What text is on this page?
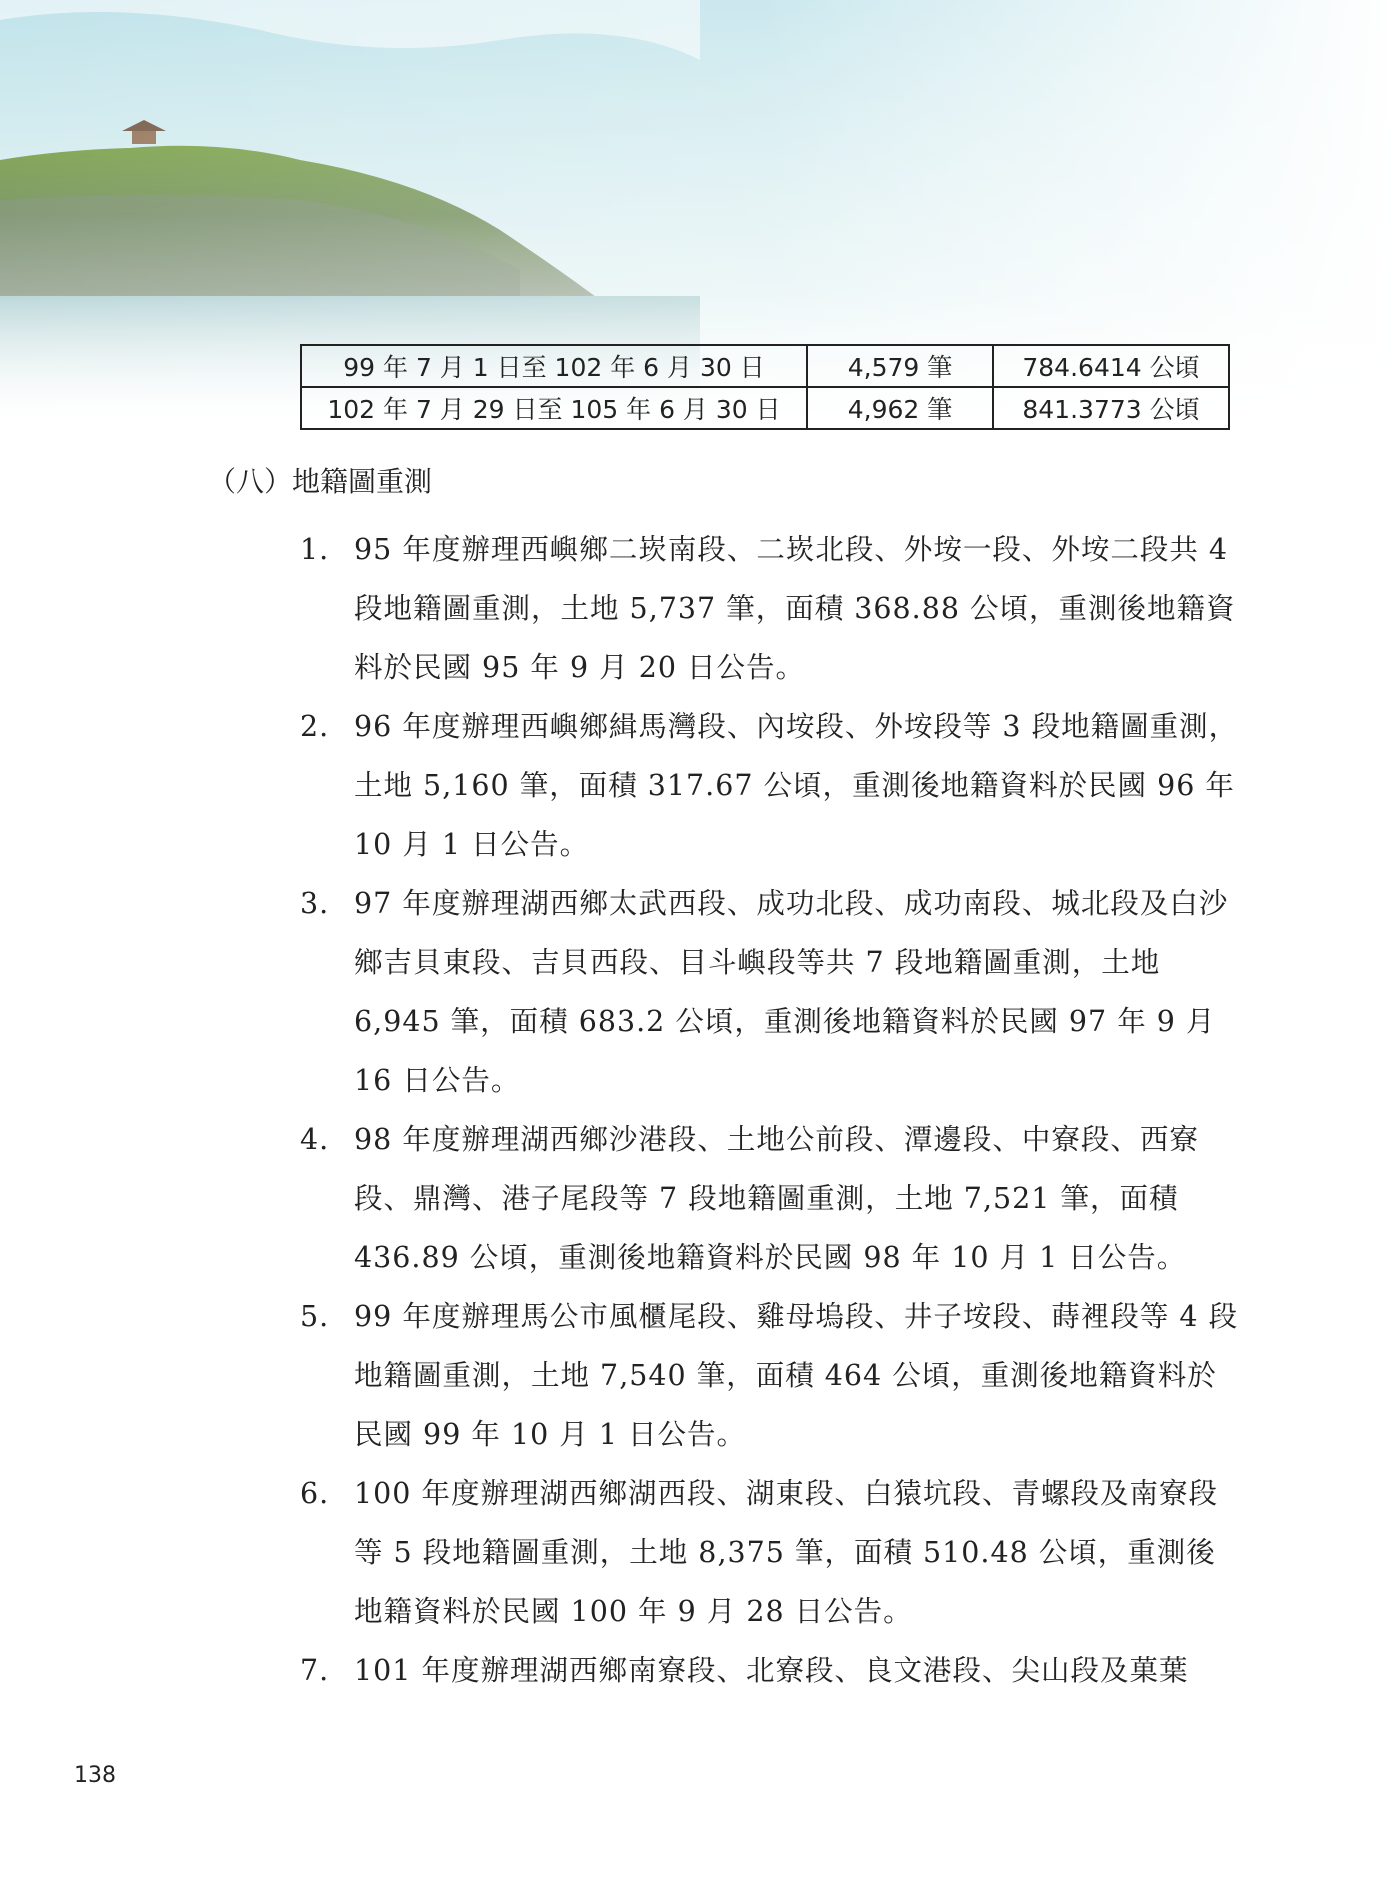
99 年 7 月 1 日至 102 年 6 月 30 日	4,579 筆	784.6414 公頃
102 年 7 月 29 日至 105 年 6 月 30 日	4,962 筆	841.3773 公頃
（八）地籍圖重測
1. 95 年度辦理西嶼鄉二崁南段、二崁北段、外垵一段、外垵二段共 4 段地籍圖重測，土地 5,737 筆，面積 368.88 公頃，重測後地籍資料於民國 95 年 9 月 20 日公告。
2. 96 年度辦理西嶼鄉緝馬灣段、內垵段、外垵段等 3 段地籍圖重測，土地 5,160 筆，面積 317.67 公頃，重測後地籍資料於民國 96 年 10 月 1 日公告。
3. 97 年度辦理湖西鄉太武西段、成功北段、成功南段、城北段及白沙鄉吉貝東段、吉貝西段、目斗嶼段等共 7 段地籍圖重測，土地 6,945 筆，面積 683.2 公頃，重測後地籍資料於民國 97 年 9 月 16 日公告。
4. 98 年度辦理湖西鄉沙港段、土地公前段、潭邊段、中寮段、西寮段、鼎灣、港子尾段等 7 段地籍圖重測，土地 7,521 筆，面積 436.89 公頃，重測後地籍資料於民國 98 年 10 月 1 日公告。
5. 99 年度辦理馬公市風櫃尾段、雞母塢段、井子垵段、蒔裡段等 4 段地籍圖重測，土地 7,540 筆，面積 464 公頃，重測後地籍資料於民國 99 年 10 月 1 日公告。
6. 100 年度辦理湖西鄉湖西段、湖東段、白猿坑段、青螺段及南寮段等 5 段地籍圖重測，土地 8,375 筆，面積 510.48 公頃，重測後地籍資料於民國 100 年 9 月 28 日公告。
7. 101 年度辦理湖西鄉南寮段、北寮段、良文港段、尖山段及菓葉
138
